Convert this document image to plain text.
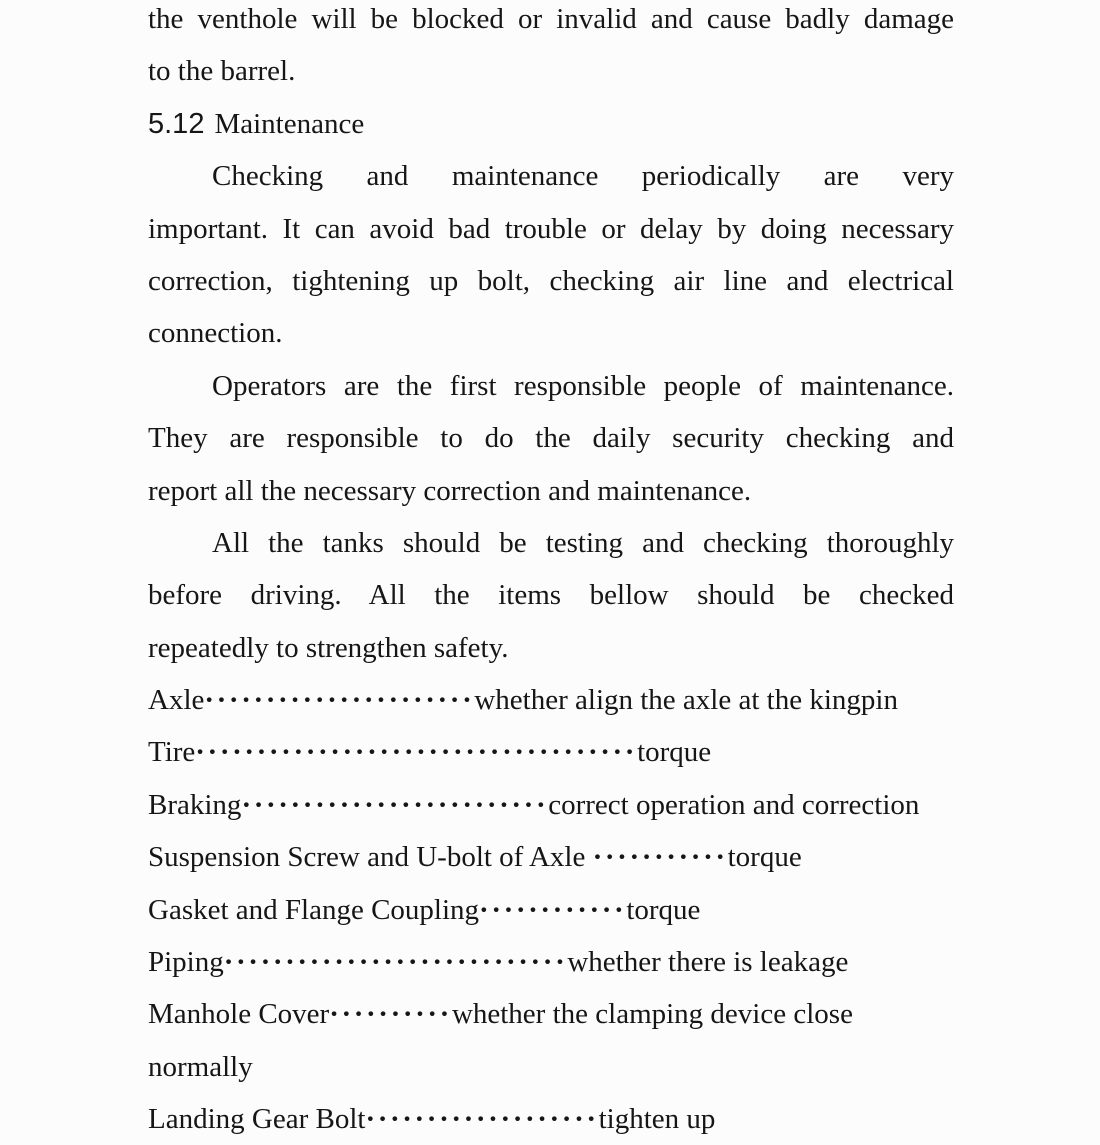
the venthole will be blocked or invalid and cause badly damage
to the barrel.
5.12 Maintenance
Checking and maintenance periodically are very
important. It can avoid bad trouble or delay by doing necessary
correction, tightening up bolt, checking air line and electrical
connection.
Operators are the first responsible people of maintenance.
They are responsible to do the daily security checking and
report all the necessary correction and maintenance.
All the tanks should be testing and checking thoroughly
before driving. All the items bellow should be checked
repeatedly to strengthen safety.
Axle······················whether align the axle at the kingpin
Tire····································torque
Braking·························correct operation and correction
Suspension Screw and U-bolt of Axle ···········torque
Gasket and Flange Coupling············torque
Piping····························whether there is leakage
Manhole Cover··········whether the clamping device close
normally
Landing Gear Bolt···················tighten up
